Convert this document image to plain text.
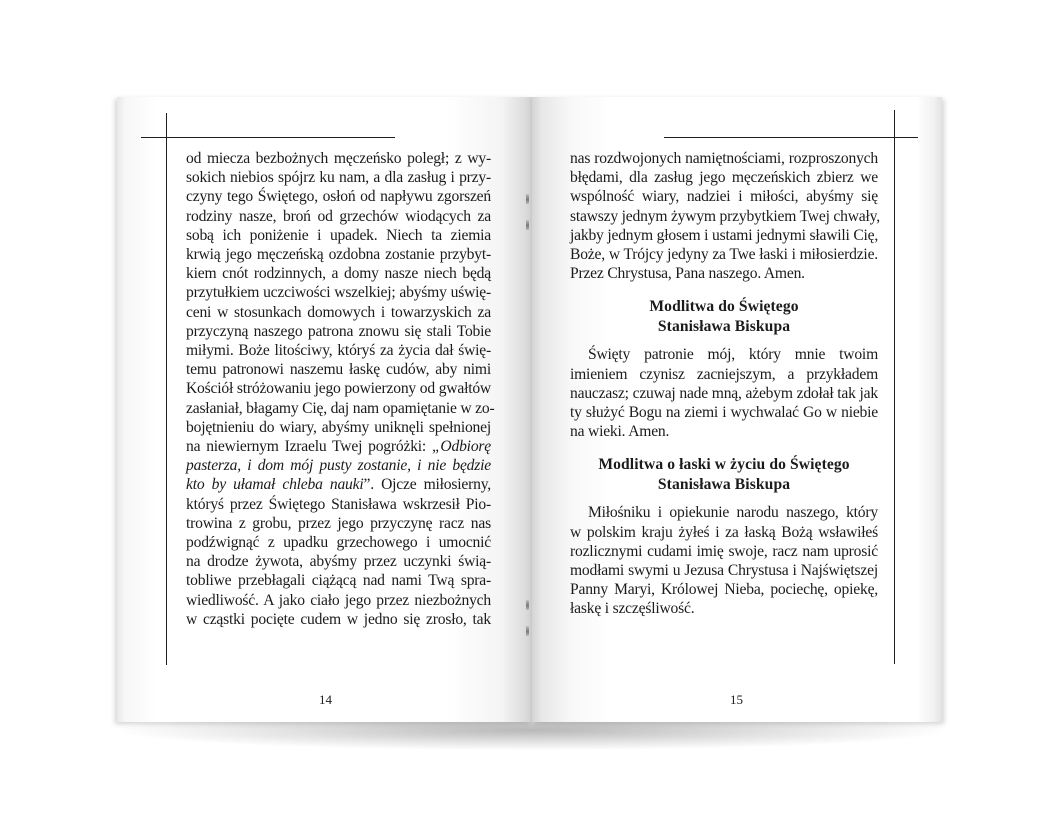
od miecza bezbożnych męczeńsko poległ; z wy-
sokich niebios spójrz ku nam, a dla zasług i przy-
czyny tego Świętego, osłoń od napływu zgorszeń
rodziny nasze, broń od grzechów wiodących za
sobą ich poniżenie i upadek. Niech ta ziemia
krwią jego męczeńską ozdobna zostanie przybyt-
kiem cnót rodzinnych, a domy nasze niech będą
przytułkiem uczciwości wszelkiej; abyśmy uświę-
ceni w stosunkach domowych i towarzyskich za
przyczyną naszego patrona znowu się stali Tobie
miłymi. Boże litościwy, któryś za życia dał świę-
temu patronowi naszemu łaskę cudów, aby nimi
Kościół stróżowaniu jego powierzony od gwałtów
zasłaniał, błagamy Cię, daj nam opamiętanie w zo-
bojętnieniu do wiary, abyśmy uniknęli spełnionej
na niewiernym Izraelu Twej pogróżki: „Odbiorę
pasterza, i dom mój pusty zostanie, i nie będzie
kto by ułamał chleba nauki”. Ojcze miłosierny,
któryś przez Świętego Stanisława wskrzesił Pio-
trowina z grobu, przez jego przyczynę racz nas
podźwignąć z upadku grzechowego i umocnić
na drodze żywota, abyśmy przez uczynki świą-
tobliwe przebłagali ciążącą nad nami Twą spra-
wiedliwość. A jako ciało jego przez niezbożnych
w cząstki pocięte cudem w jedno się zrosło, tak
nas rozdwojonych namiętnościami, rozproszonych
błędami, dla zasług jego męczeńskich zbierz we
wspólność wiary, nadziei i miłości, abyśmy się
stawszy jednym żywym przybytkiem Twej chwały,
jakby jednym głosem i ustami jednymi sławili Cię,
Boże, w Trójcy jedyny za Twe łaski i miłosierdzie.
Przez Chrystusa, Pana naszego. Amen.
Modlitwa do Świętego
Stanisława Biskupa
Święty patronie mój, który mnie twoim
imieniem czynisz zacniejszym, a przykładem
nauczasz; czuwaj nade mną, ażebym zdołał tak jak
ty służyć Bogu na ziemi i wychwalać Go w niebie
na wieki. Amen.
Modlitwa o łaski w życiu do Świętego
Stanisława Biskupa
Miłośniku i opiekunie narodu naszego, który
w polskim kraju żyłeś i za łaską Bożą wsławiłeś
rozlicznymi cudami imię swoje, racz nam uprosić
modłami swymi u Jezusa Chrystusa i Najświętszej
Panny Maryi, Królowej Nieba, pociechę, opiekę,
łaskę i szczęśliwość.
14	15
